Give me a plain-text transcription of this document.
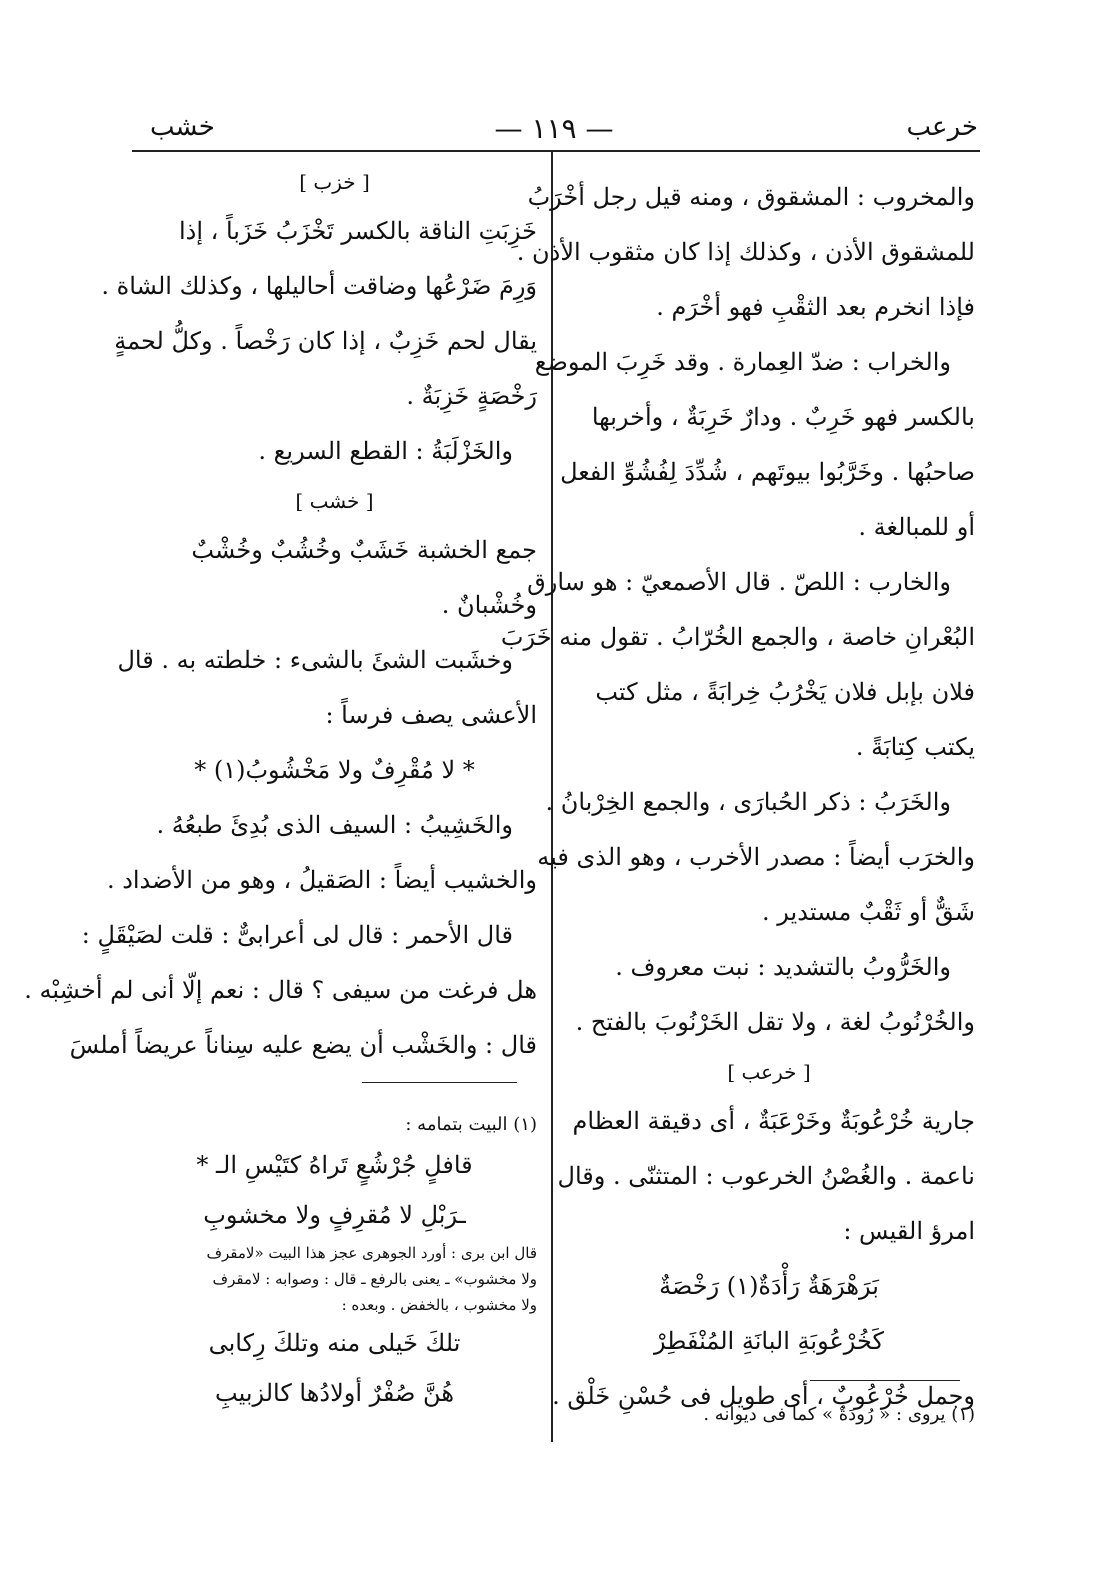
خرعب
— ١١٩ —
خشب
والمخروب : المشقوق ، ومنه قيل رجل أخْرَبُ
للمشقوق الأذن ، وكذلك إذا كان مثقوب الأذن .
فإذا انخرم بعد الثقْبِ فهو أخْرَم .
والخراب : ضدّ العِمارة . وقد خَرِبَ الموضع
بالكسر فهو خَرِبٌ . ودارٌ خَرِبَةٌ ، وأخربها
صاحبُها . وخَرَّبُوا بيوتَهم ، شُدِّدَ لِفُشُوِّ الفعل
أو للمبالغة .
والخارب : اللصّ . قال الأصمعيّ : هو سارق
البُعْرانِ خاصة ، والجمع الخُرّابُ . تقول منه خَرَبَ
فلان بإبل فلان يَخْرُبُ خِرابَةً ، مثل كتب
يكتب كِتابَةً .
والخَرَبُ : ذكر الحُبارَى ، والجمع الخِرْبانُ .
والخرَب أيضاً : مصدر الأخرب ، وهو الذى فيه
شَقٌّ أو ثَقْبٌ مستدير .
والخَرُّوبُ بالتشديد : نبت معروف .
والخُرْنُوبُ لغة ، ولا تقل الخَرْنُوبَ بالفتح .
[ خرعب ]
جارية خُرْعُوبَةٌ وخَرْعَبَةٌ ، أى دقيقة العظام
ناعمة . والغُصْنُ الخرعوب : المتثنّى . وقال
امرؤ القيس :
بَرَهْرَهَةٌ رَأْدَةٌ(١) رَخْصَةٌ
كَخُرْعُوبَةِ البانَةِ المُنْفَطِرْ
وجمل خُرْعُوبٌ ، أى طويل فى حُسْنِ خَلْق .
(١) يروى : « رُودَةٌ » كما فى ديوانه .
[ خزب ]
خَزِبَتِ الناقة بالكسر تَخْزَبُ خَزَباً ، إذا
وَرِمَ ضَرْعُها وضاقت أحاليلها ، وكذلك الشاة .
يقال لحم خَزِبٌ ، إذا كان رَخْصاً . وكلُّ لحمةٍ
رَخْصَةٍ خَزِبَةٌ .
والخَزْلَبَةُ : القطع السريع .
[ خشب ]
جمع الخشبة خَشَبٌ وخُشُبٌ وخُشْبٌ
وخُشْبانٌ .
وخشَبت الشئَ بالشىء : خلطته به . قال
الأعشى يصف فرساً :
* لا مُقْرِفٌ ولا مَخْشُوبُ(١) *
والخَشِيبُ : السيف الذى بُدِئَ طبعُهُ .
والخشيب أيضاً : الصَقيلُ ، وهو من الأضداد .
قال الأحمر : قال لى أعرابىٌّ : قلت لصَيْقَلٍ :
هل فرغت من سيفى ؟ قال : نعم إلّا أنى لم أخشِبْه .
قال : والخَشْب أن يضع عليه سِناناً عريضاً أملسَ
(١) البيت بتمامه :
قافلٍ جُرْشُعٍ تَراهُ كتَيْسِ الـ *
ـرَبْلِ لا مُقرِفٍ ولا مخشوبِ
قال ابن برى : أورد الجوهرى عجز هذا البيت «لامقرف
ولا مخشوب» ـ يعنى بالرفع ـ قال : وصوابه : لامقرف
ولا مخشوب ، بالخفض . وبعده :
تلكَ خَيلى منه وتلكَ رِكابى
هُنَّ صُفْرٌ أولادُها كالزبيبِ
